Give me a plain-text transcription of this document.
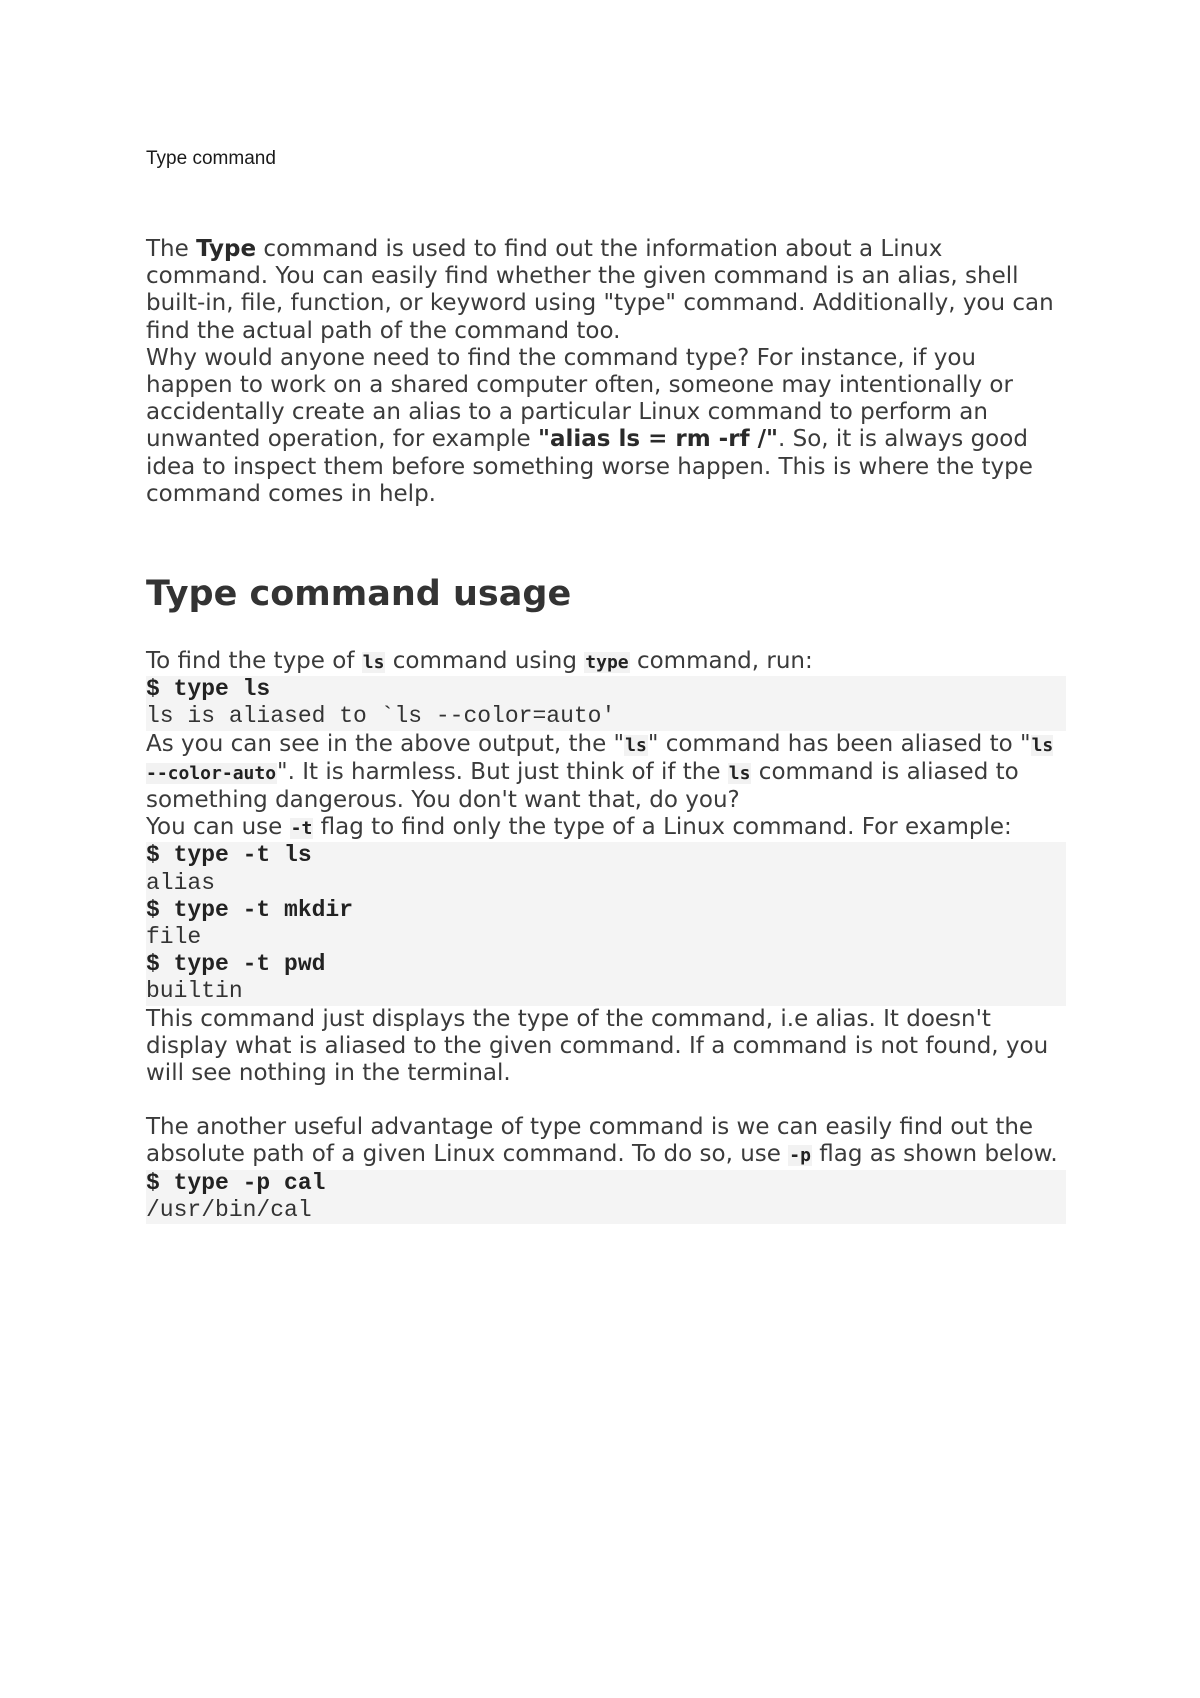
Type command

The Type command is used to find out the information about a Linux command. You can easily find whether the given command is an alias, shell built-in, file, function, or keyword using "type" command. Additionally, you can find the actual path of the command too.

Why would anyone need to find the command type? For instance, if you happen to work on a shared computer often, someone may intentionally or accidentally create an alias to a particular Linux command to perform an unwanted operation, for example "alias ls = rm -rf /". So, it is always good idea to inspect them before something worse happen. This is where the type command comes in help.

Type command usage

To find the type of ls command using type command, run:

$ type ls
ls is aliased to `ls --color=auto'

As you can see in the above output, the "ls" command has been aliased to "ls --color-auto". It is harmless. But just think of if the ls command is aliased to something dangerous. You don't want that, do you?

You can use -t flag to find only the type of a Linux command. For example:

$ type -t ls
alias
$ type -t mkdir
file
$ type -t pwd
builtin

This command just displays the type of the command, i.e alias. It doesn't display what is aliased to the given command. If a command is not found, you will see nothing in the terminal.

The another useful advantage of type command is we can easily find out the absolute path of a given Linux command. To do so, use -p flag as shown below.

$ type -p cal
/usr/bin/cal
